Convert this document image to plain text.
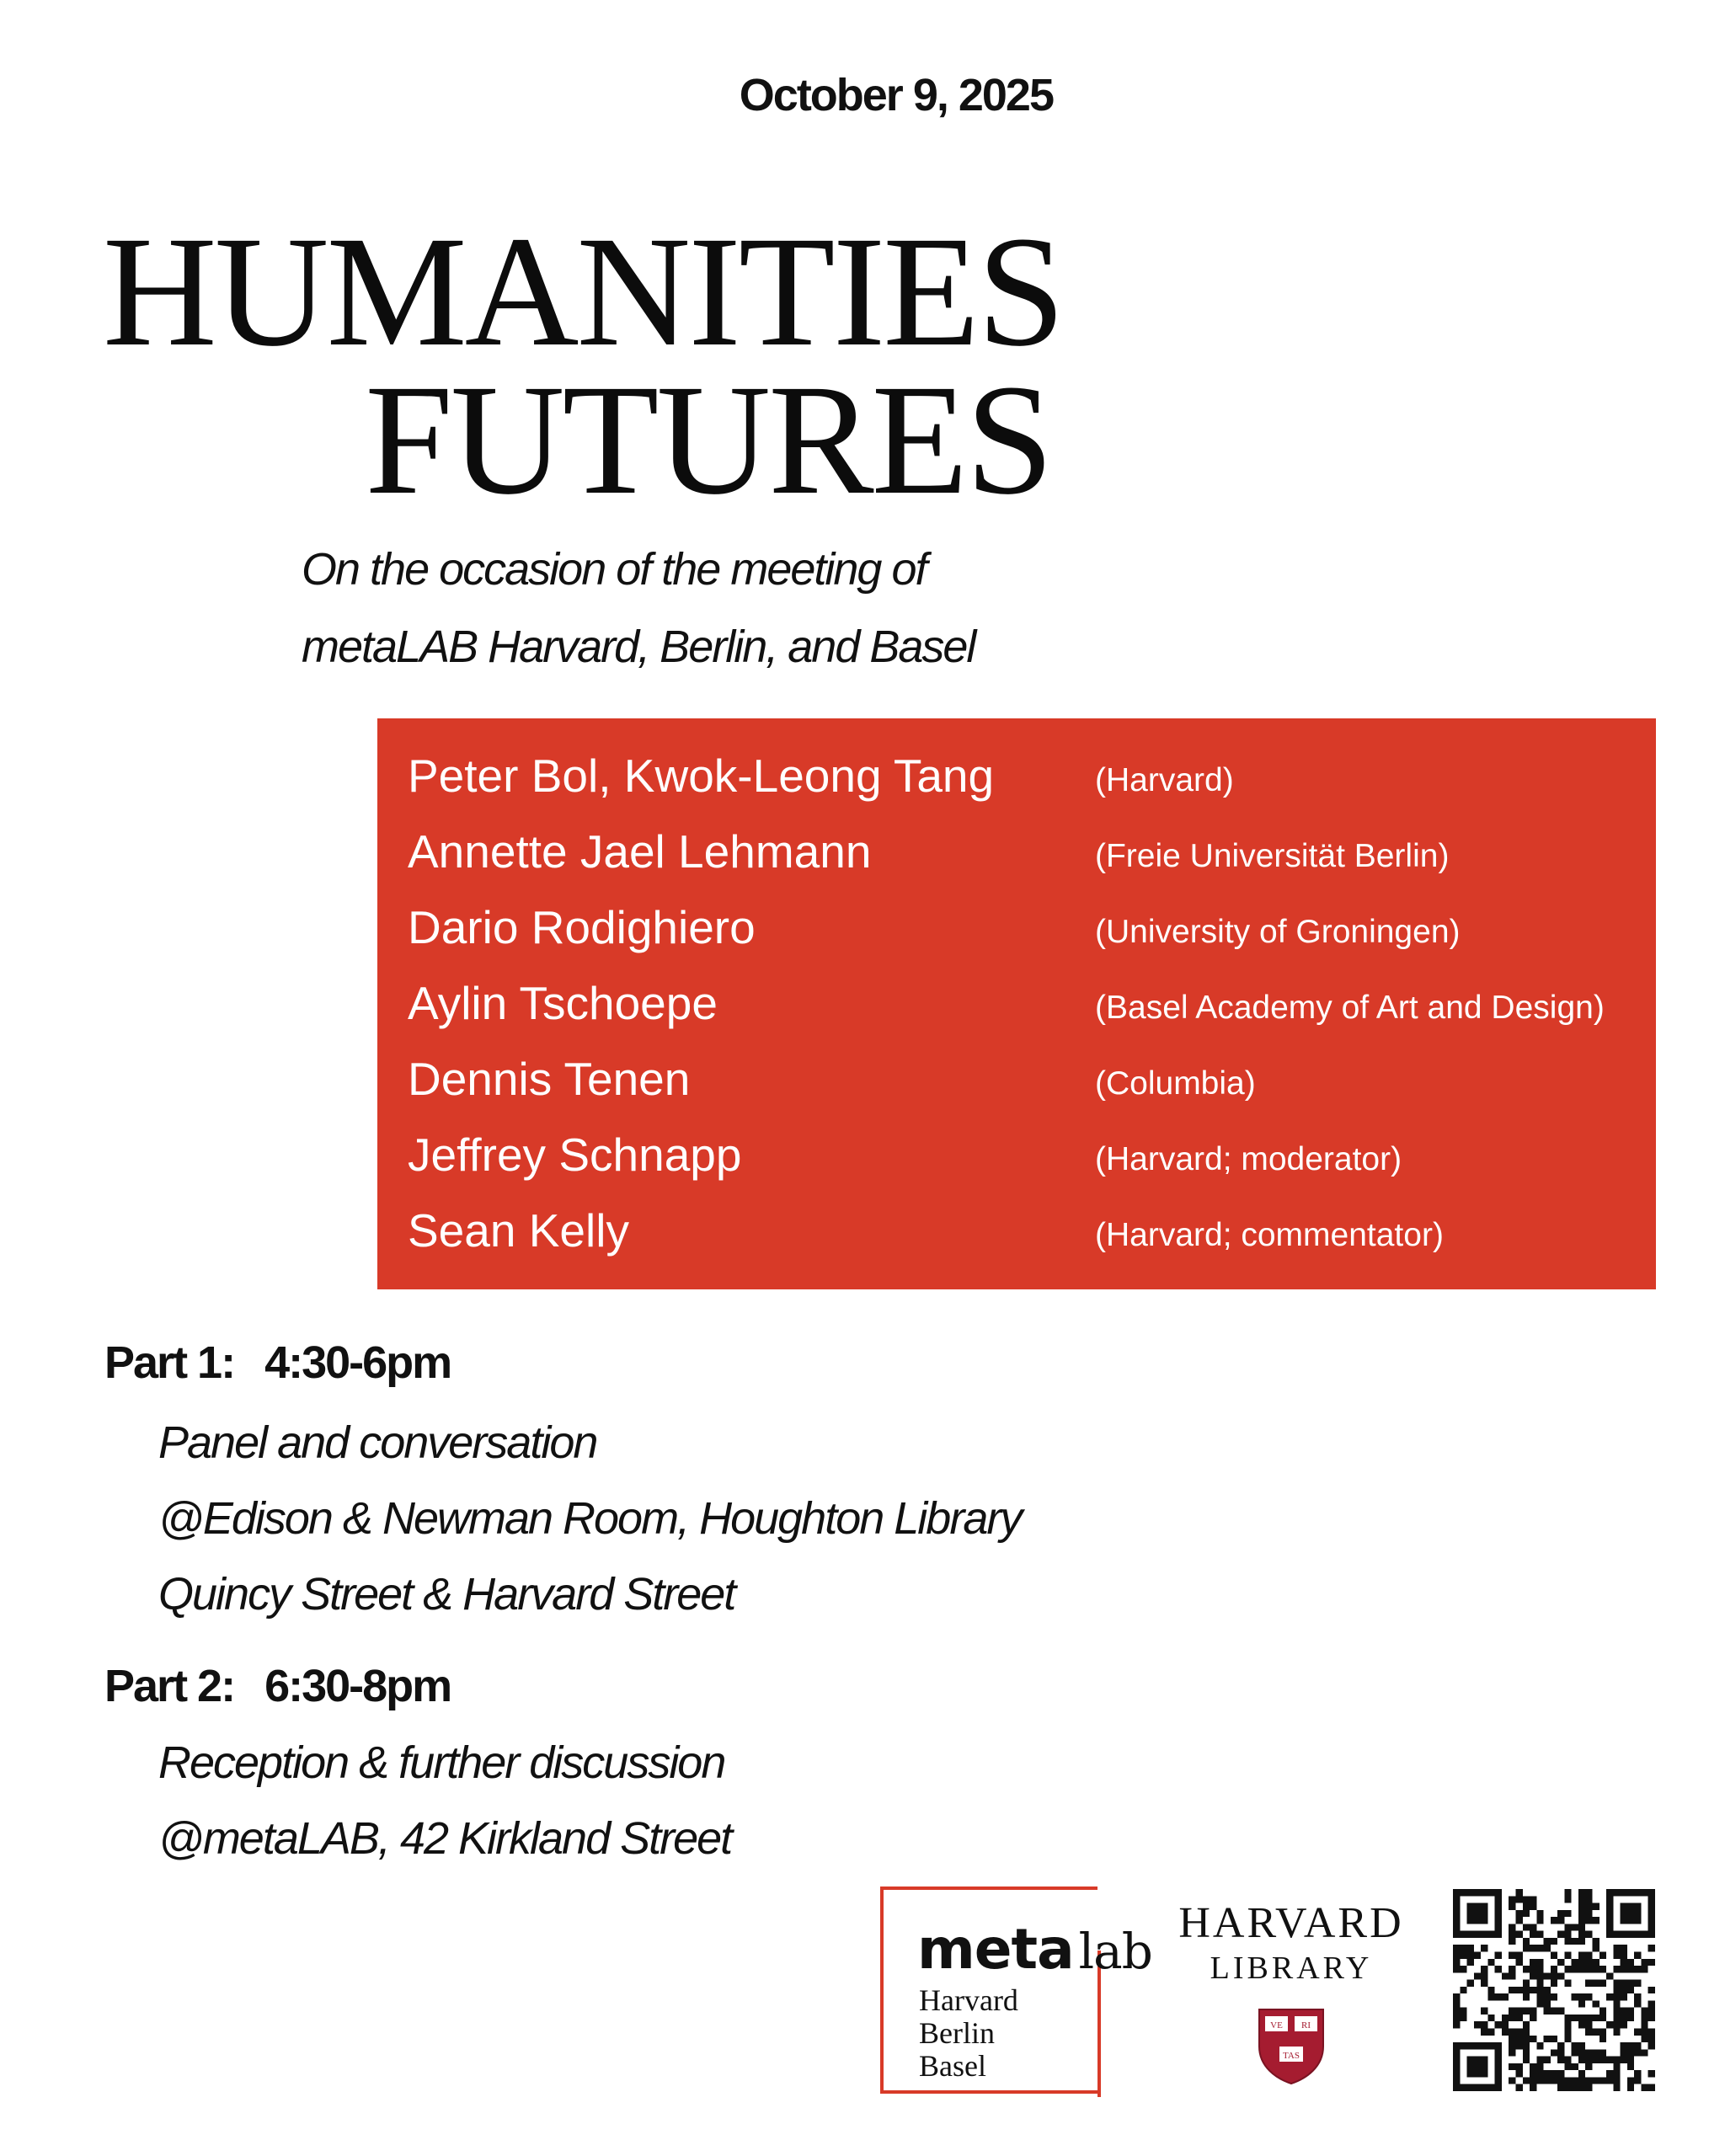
October 9, 2025
HUMANITIES
FUTURES
On the occasion of the meeting of
metaLAB Harvard, Berlin, and Basel
Peter Bol, Kwok-Leong Tang	(Harvard)
Annette Jael Lehmann	(Freie Universität Berlin)
Dario Rodighiero	(University of Groningen)
Aylin Tschoepe	(Basel Academy of Art and Design)
Dennis Tenen	(Columbia)
Jeffrey Schnapp	(Harvard; moderator)
Sean Kelly	(Harvard; commentator)
Part 1: 4:30-6pm
Panel and conversation
@Edison & Newman Room, Houghton Library
Quincy Street & Harvard Street
Part 2: 6:30-8pm
Reception & further discussion
@metaLAB, 42 Kirkland Street
meta lab
Harvard
Berlin
Basel
HARVARD
LIBRARY
VE RI
TAS
